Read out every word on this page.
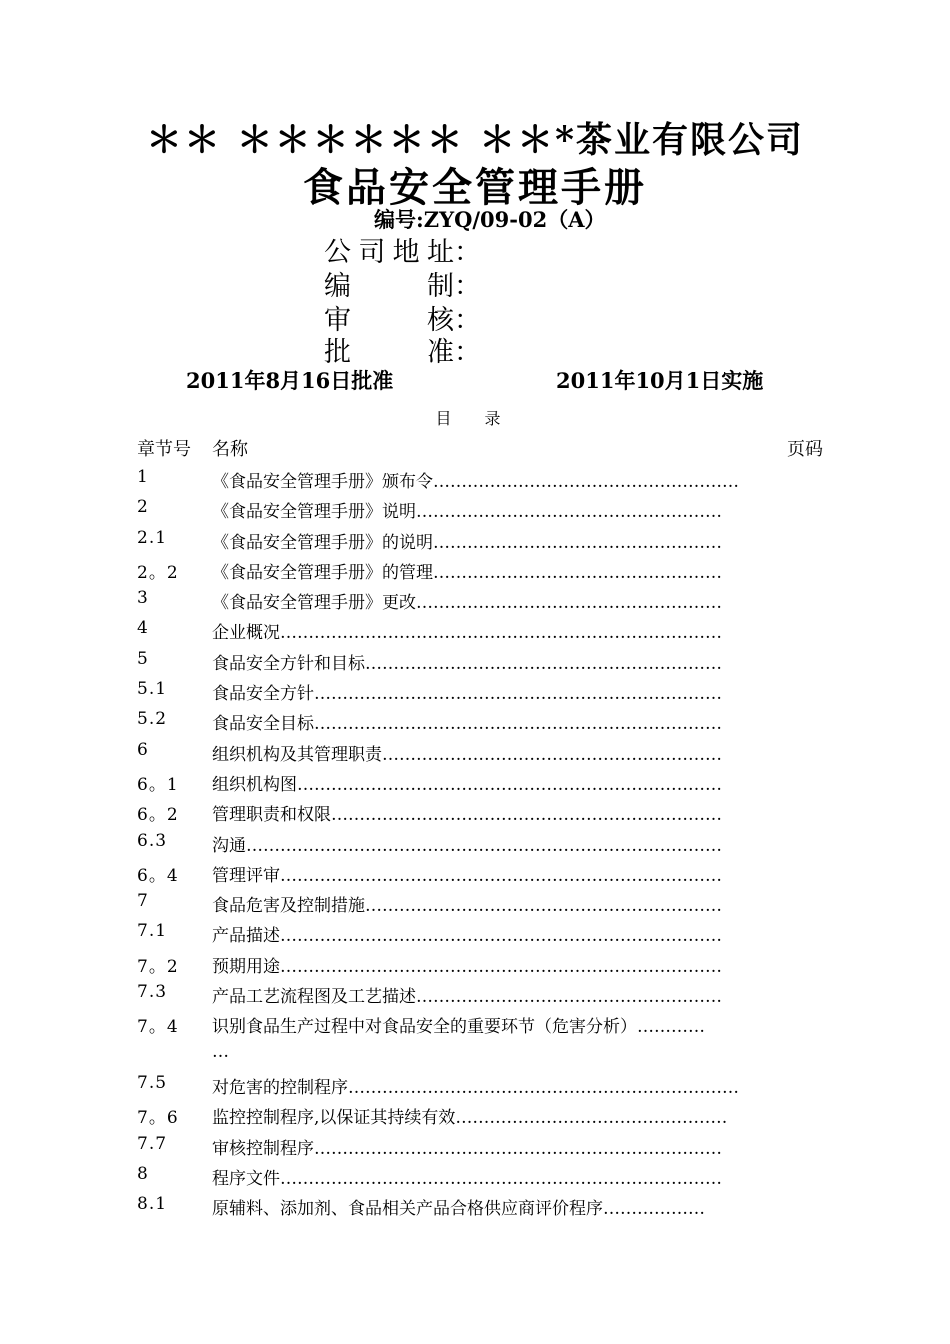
＊＊ ＊＊＊＊＊＊ ＊＊*茶业有限公司
食品安全管理手册
编号:ZYQ/09-02（A）
公司地址：
编制：
审核：
批准：
2011年8月16日批准	2011年10月1日实施
目 录
章节号 名称	页码
1	《食品安全管理手册》颁布令………………………………………………
2	《食品安全管理手册》说明………………………………………………
2.1	《食品安全管理手册》的说明……………………………………………
2。2 《食品安全管理手册》的管理……………………………………………
3	《食品安全管理手册》更改………………………………………………
4	企业概况……………………………………………………………………
5	食品安全方针和目标………………………………………………………
5.1	食品安全方针………………………………………………………………
5.2	食品安全目标………………………………………………………………
6	组织机构及其管理职责……………………………………………………
6。1 组织机构图…………………………………………………………………
6。2 管理职责和权限……………………………………………………………
6.3	沟通…………………………………………………………………………
6。4 管理评审……………………………………………………………………
7	食品危害及控制措施………………………………………………………
7.1	产品描述……………………………………………………………………
7。2 预期用途……………………………………………………………………
7.3	产品工艺流程图及工艺描述………………………………………………
7。4 识别食品生产过程中对食品安全的重要环节（危害分析）…………
…
7.5	对危害的控制程序……………………………………………………………
7。6 监控控制程序,以保证其持续有效…………………………………………
7.7	审核控制程序………………………………………………………………
8	程序文件……………………………………………………………………
8.1	原辅料、添加剂、食品相关产品合格供应商评价程序………………
